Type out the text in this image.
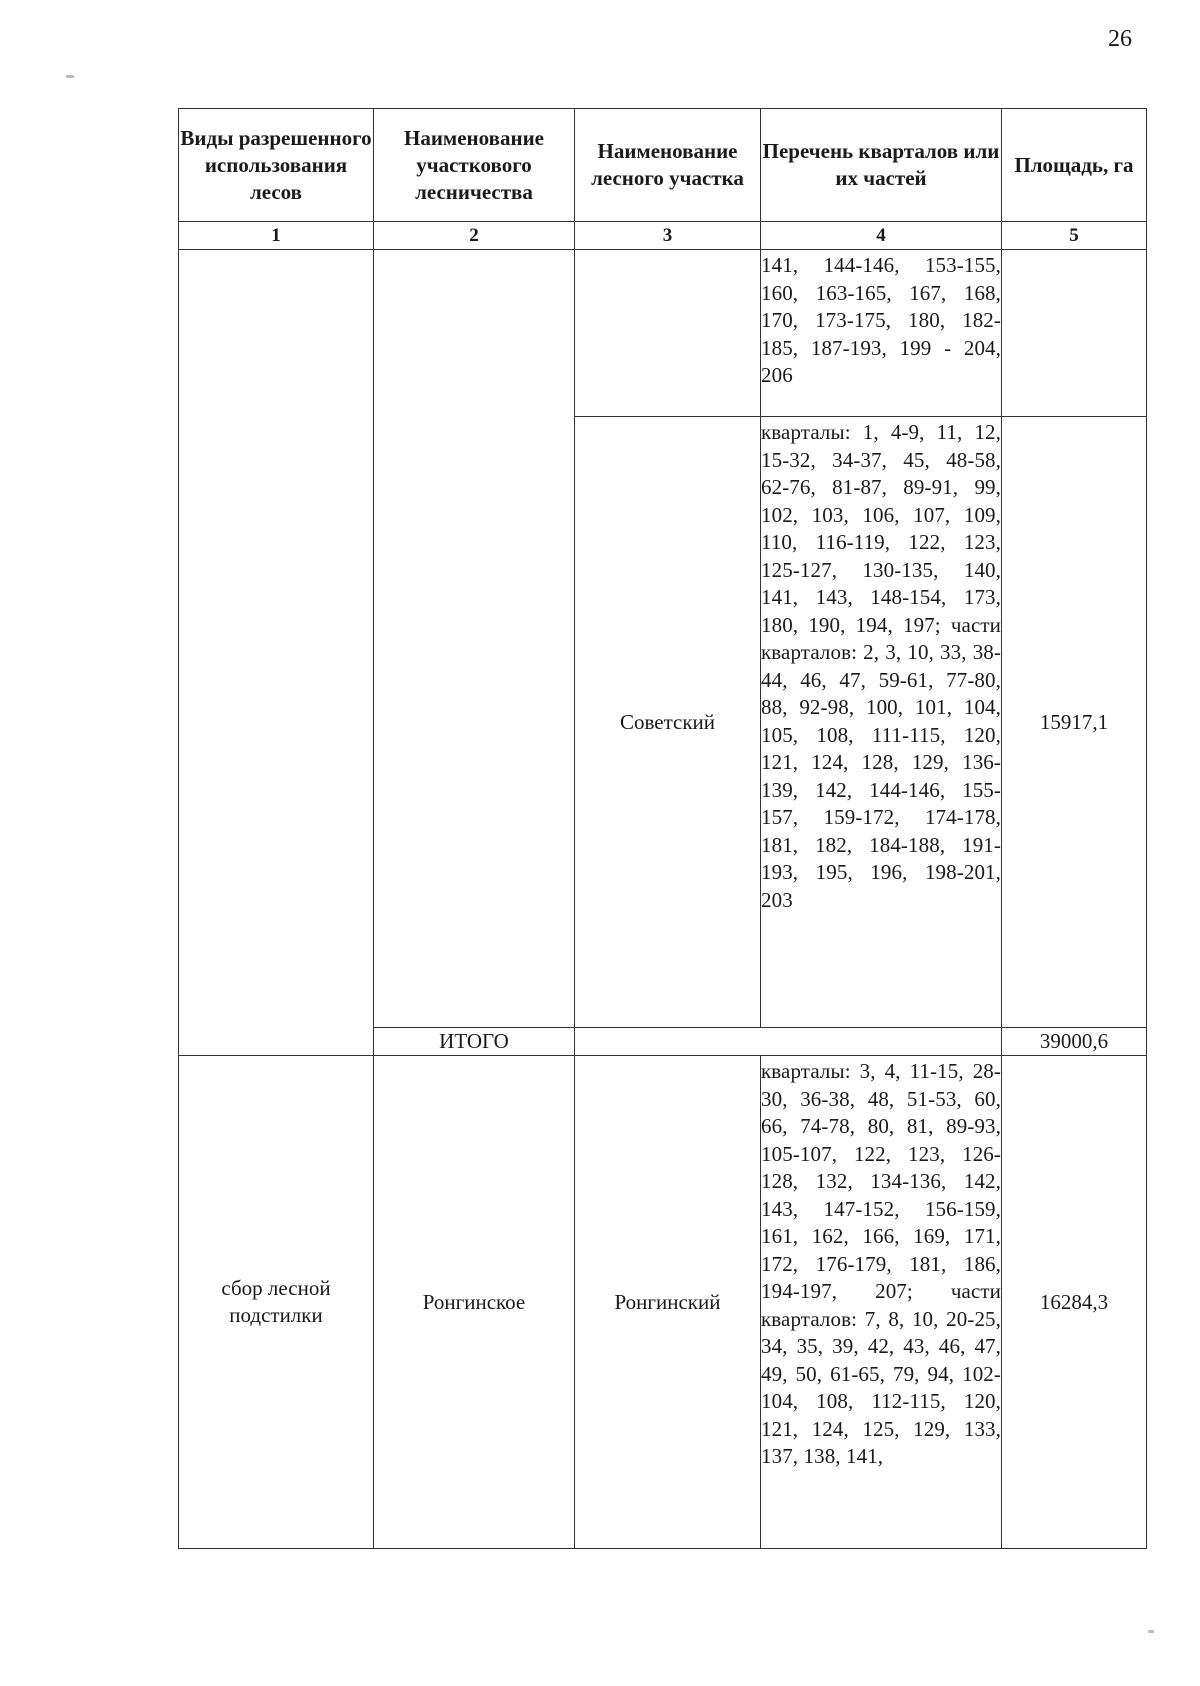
26
Виды разрешенного использования лесов	Наименование участкового лесничества	Наименование лесного участка	Перечень кварталов или их частей	Площадь, га
1	2	3	4	5

			141, 144-146, 153-155, 160, 163-165, 167, 168, 170, 173-175, 180, 182-185, 187-193, 199 - 204, 206	

		Советский	кварталы: 1, 4-9, 11, 12, 15-32, 34-37, 45, 48-58, 62-76, 81-87, 89-91, 99, 102, 103, 106, 107, 109, 110, 116-119, 122, 123, 125-127, 130-135, 140, 141, 143, 148-154, 173, 180, 190, 194, 197; части кварталов: 2, 3, 10, 33, 38-44, 46, 47, 59-61, 77-80, 88, 92-98, 100, 101, 104, 105, 108, 111-115, 120, 121, 124, 128, 129, 136-139, 142, 144-146, 155-157, 159-172, 174-178, 181, 182, 184-188, 191-193, 195, 196, 198-201, 203	15917,1
	ИТОГО			39000,6
сбор лесной подстилки	Ронгинское	Ронгинский	кварталы: 3, 4, 11-15, 28-30, 36-38, 48, 51-53, 60, 66, 74-78, 80, 81, 89-93, 105-107, 122, 123, 126-128, 132, 134-136, 142, 143, 147-152, 156-159, 161, 162, 166, 169, 171, 172, 176-179, 181, 186, 194-197, 207; части кварталов: 7, 8, 10, 20-25, 34, 35, 39, 42, 43, 46, 47, 49, 50, 61-65, 79, 94, 102-104, 108, 112-115, 120, 121, 124, 125, 129, 133, 137, 138, 141,	16284,3
